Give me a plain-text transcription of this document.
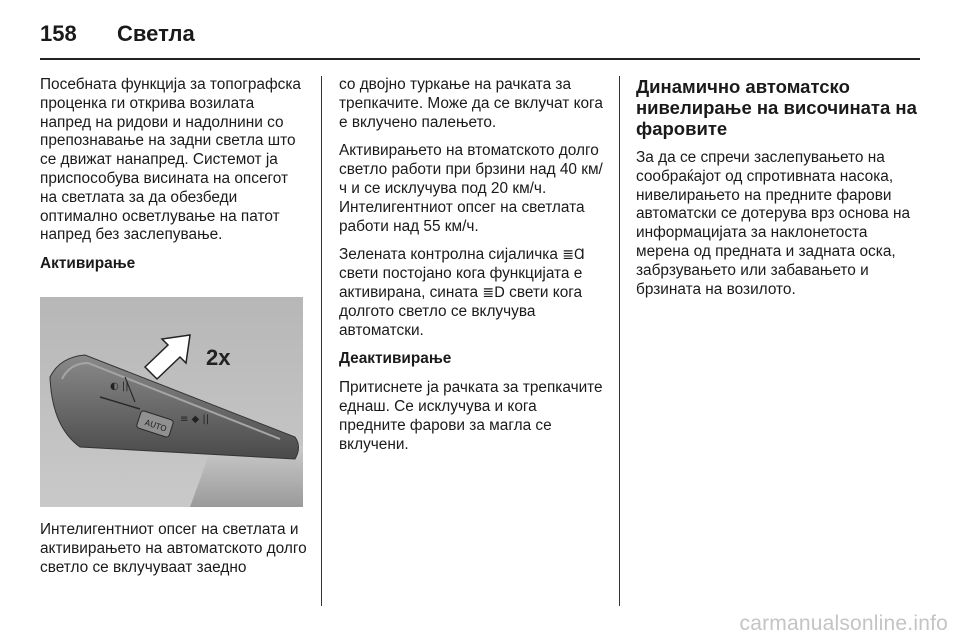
158	Светла

Посебната функција за топографска проценка ги открива возилата напред на ридови и надолнини со препознавање на задни светла што се движат нанапред. Системот ја приспособува висината на опсегот на светлата за да обезбеди оптимално осветлување на патот напред без заслепување.

Активирање

AUTO
◐ ||
≡ ◆ ||
2x
Интелигентниот опсег на светлата и активирањето на автоматското долго светло се вклучуваат заедно

со двојно туркање на рачката за трепкачите. Може да се вклучат кога е вклучено палењето.

Активирањето на втоматското долго светло работи при брзини над 40 км/ч и се исклучува под 20 км/ч. Интелигентниот опсег на светлата работи над 55 км/ч.

Зелената контролна сијаличка ≣Ɑ свети постојано кога функцијата е активирана, сината ≣D свети кога долгото светло се вклучува автоматски.

Деактивирање

Притиснете ја рачката за трепкачите еднаш. Се исклучува и кога предните фарови за магла се вклучени.

Динамично автоматско нивелирање на височината на фаровите

За да се спречи заслепувањето на сообраќајот од спротивната насока, нивелирањето на предните фарови автоматски се дотерува врз основа на информацијата за наклонетоста мерена од предната и задната оска, забрзувањето или забавањето и брзината на возилото.

carmanualsonline.info
